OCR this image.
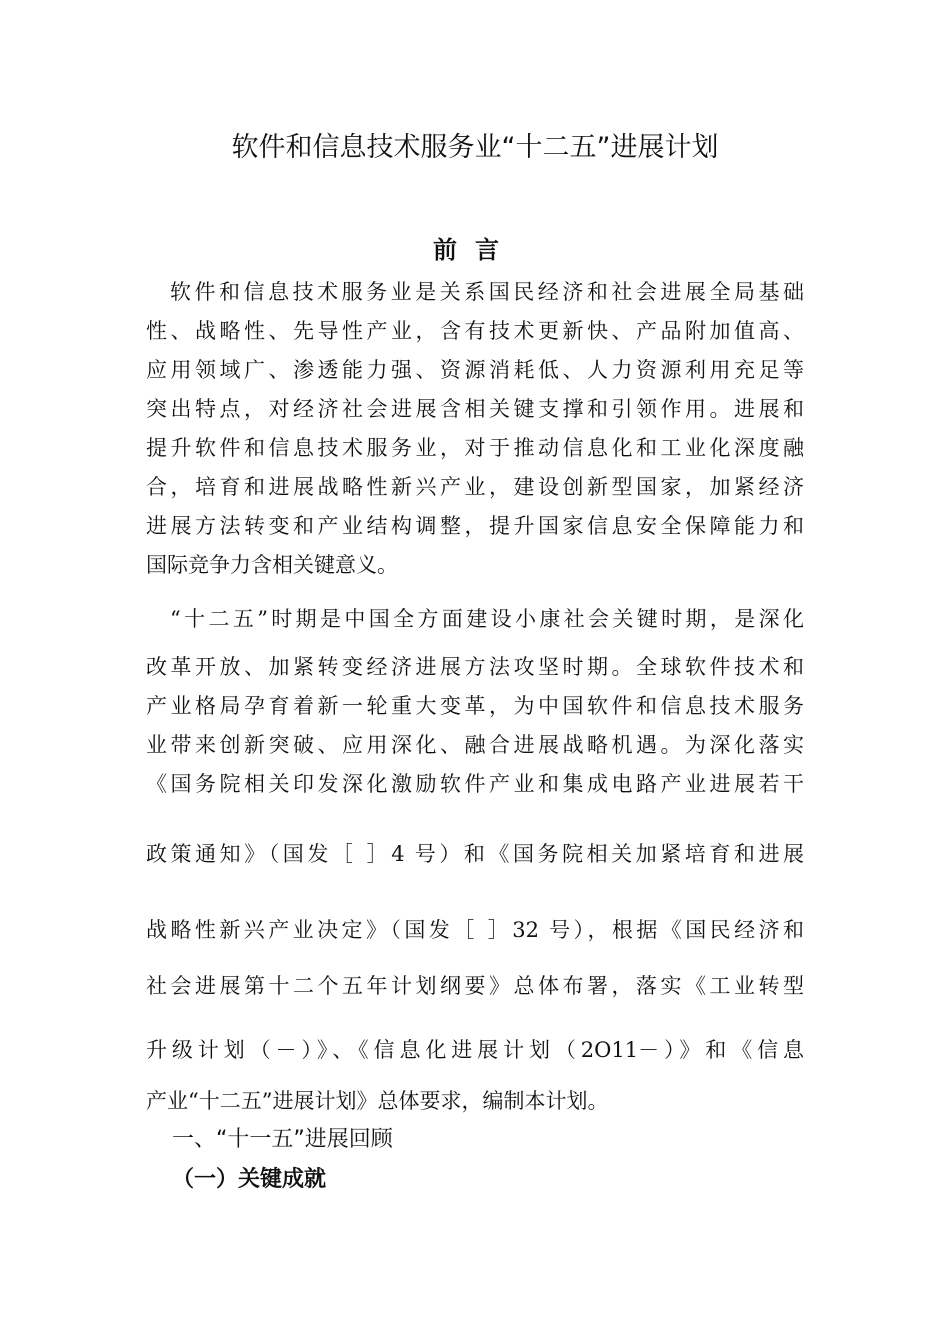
软件和信息技术服务业“十二五”进展计划
前言
软件和信息技术服务业是关系国民经济和社会进展全局基础
性、战略性、先导性产业，含有技术更新快、产品附加值高、
应用领域广、渗透能力强、资源消耗低、人力资源利用充足等
突出特点，对经济社会进展含相关键支撑和引领作用。进展和
提升软件和信息技术服务业，对于推动信息化和工业化深度融
合，培育和进展战略性新兴产业，建设创新型国家，加紧经济
进展方法转变和产业结构调整，提升国家信息安全保障能力和
国际竞争力含相关键意义。
“十二五”时期是中国全方面建设小康社会关键时期，是深化
改革开放、加紧转变经济进展方法攻坚时期。全球软件技术和
产业格局孕育着新一轮重大变革，为中国软件和信息技术服务
业带来创新突破、应用深化、融合进展战略机遇。为深化落实
《国务院相关印发深化激励软件产业和集成电路产业进展若干
政策通知》（国发［ ］4 号）和《国务院相关加紧培育和进展
战略性新兴产业决定》（国发［ ］32 号），根据《国民经济和
社会进展第十二个五年计划纲要》总体布署，落实《工业转型
升级计划（－）》、《信息化进展计划（2O11－）》和《信息
产业“十二五”进展计划》总体要求，编制本计划。
一、“十一五”进展回顾
（一）关键成就
